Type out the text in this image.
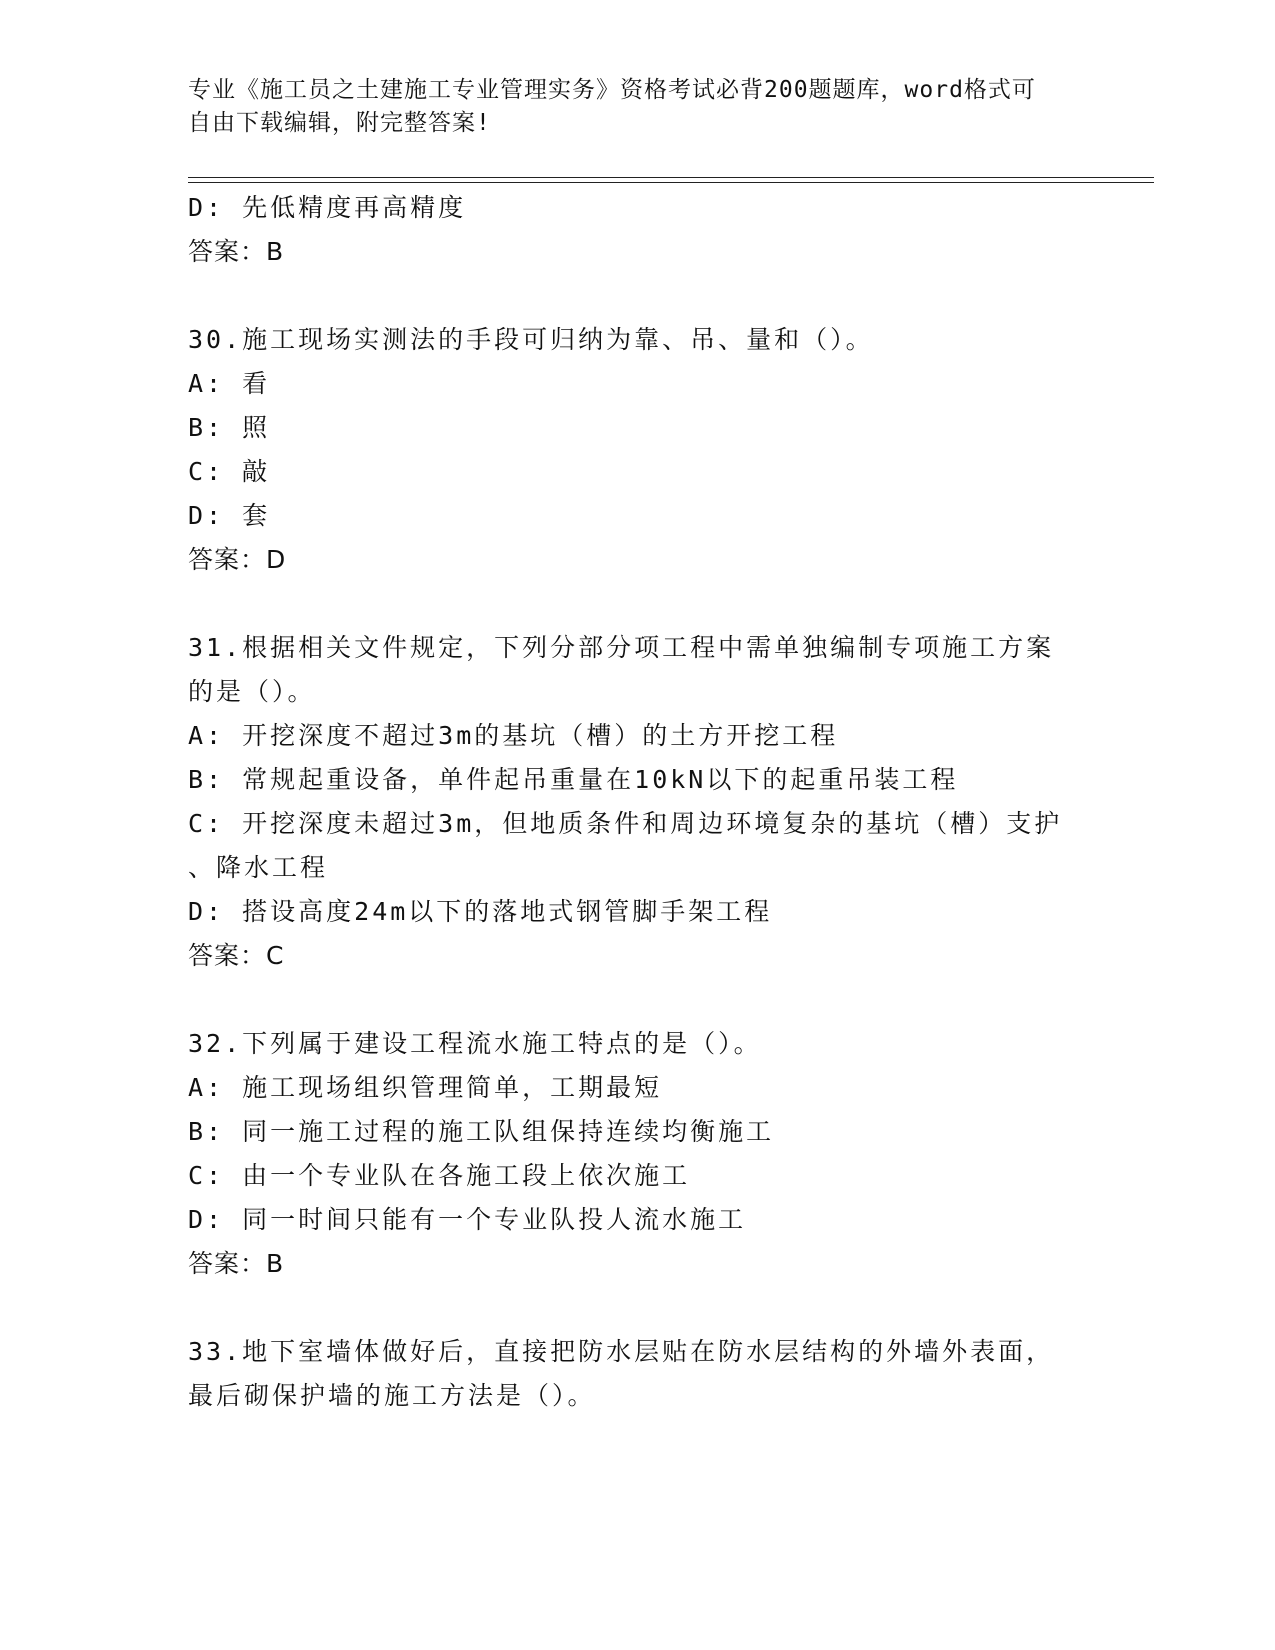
专业《施工员之土建施工专业管理实务》资格考试必背200题题库，word格式可
自由下载编辑，附完整答案!
D: 先低精度再高精度
答案：B
30.施工现场实测法的手段可归纳为靠、吊、量和（）。
A: 看
B: 照
C: 敲
D: 套
答案：D
31.根据相关文件规定，下列分部分项工程中需单独编制专项施工方案
的是（）。
A: 开挖深度不超过3m的基坑（槽）的土方开挖工程
B: 常规起重设备，单件起吊重量在10kN以下的起重吊装工程
C: 开挖深度未超过3m，但地质条件和周边环境复杂的基坑（槽）支护
、降水工程
D: 搭设高度24m以下的落地式钢管脚手架工程
答案：C
32.下列属于建设工程流水施工特点的是（）。
A: 施工现场组织管理简单，工期最短
B: 同一施工过程的施工队组保持连续均衡施工
C: 由一个专业队在各施工段上依次施工
D: 同一时间只能有一个专业队投人流水施工
答案：B
33.地下室墙体做好后，直接把防水层贴在防水层结构的外墙外表面，
最后砌保护墙的施工方法是（）。
